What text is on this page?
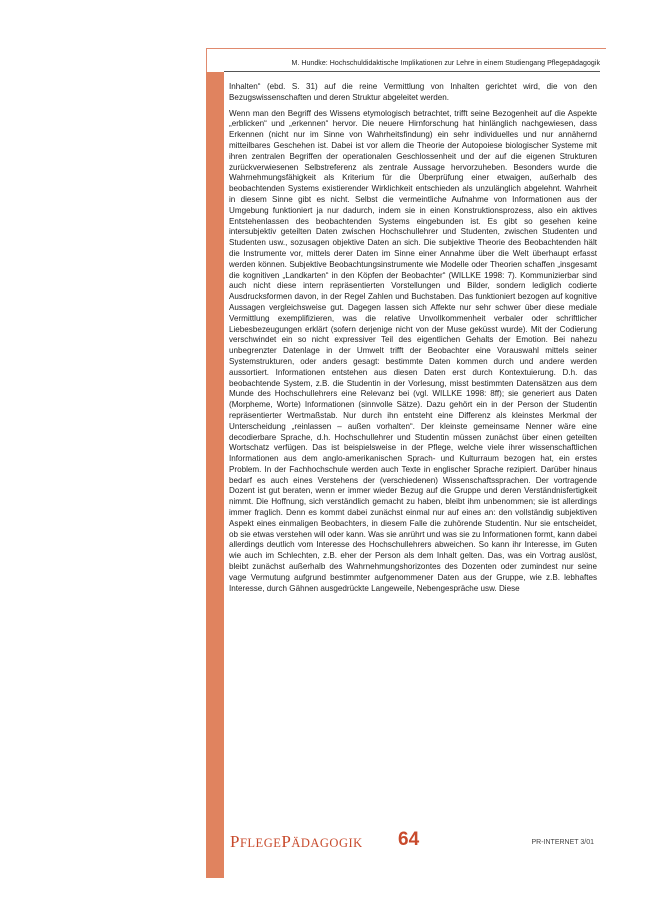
M. Hundke: Hochschuldidaktische Implikationen zur Lehre in einem Studiengang Pflegepädagogik

Inhalten“ (ebd. S. 31) auf die reine Vermittlung von Inhalten gerichtet wird, die von den Bezugswissenschaften und deren Struktur abgeleitet werden.

Wenn man den Begriff des Wissens etymologisch betrachtet, trifft seine Bezogenheit auf die Aspekte „erblicken“ und „erkennen“ hervor. Die neuere Hirnforschung hat hinlänglich nachgewiesen, dass Erkennen (nicht nur im Sinne von Wahrheitsfindung) ein sehr individuelles und nur annähernd mitteilbares Geschehen ist. Dabei ist vor allem die Theorie der Autopoiese biologischer Systeme mit ihren zentralen Begriffen der operationalen Geschlossenheit und der auf die eigenen Strukturen zurückverwiesenen Selbstreferenz als zentrale Aussage hervorzuheben. Besonders wurde die Wahrnehmungsfähigkeit als Kriterium für die Überprüfung einer etwaigen, außerhalb des beobachtenden Systems existierender Wirklichkeit entschieden als unzulänglich abgelehnt. Wahrheit in diesem Sinne gibt es nicht. Selbst die vermeintliche Aufnahme von Informationen aus der Umgebung funktioniert ja nur dadurch, indem sie in einen Konstruktionsprozess, also ein aktives Entstehenlassen des beobachtenden Systems eingebunden ist. Es gibt so gesehen keine intersubjektiv geteilten Daten zwischen Hochschullehrer und Studenten, zwischen Studenten und Studenten usw., sozusagen objektive Daten an sich. Die subjektive Theorie des Beobachtenden hält die Instrumente vor, mittels derer Daten im Sinne einer Annahme über die Welt überhaupt erfasst werden können. Subjektive Beobachtungsinstrumente wie Modelle oder Theorien schaffen „insgesamt die kognitiven „Landkarten“ in den Köpfen der Beobachter“ (WILLKE 1998: 7). Kommunizierbar sind auch nicht diese intern repräsentierten Vorstellungen und Bilder, sondern lediglich codierte Ausdrucksformen davon, in der Regel Zahlen und Buchstaben. Das funktioniert bezogen auf kognitive Aussagen vergleichsweise gut. Dagegen lassen sich Affekte nur sehr schwer über diese mediale Vermittlung exemplifizieren, was die relative Unvollkommenheit verbaler oder schriftlicher Liebesbezeugungen erklärt (sofern derjenige nicht von der Muse geküsst wurde). Mit der Codierung verschwindet ein so nicht expressiver Teil des eigentlichen Gehalts der Emotion. Bei nahezu unbegrenzter Datenlage in der Umwelt trifft der Beobachter eine Vorauswahl mittels seiner Systemstrukturen, oder anders gesagt: bestimmte Daten kommen durch und andere werden aussortiert. Informationen entstehen aus diesen Daten erst durch Kontextuierung. D.h. das beobachtende System, z.B. die Studentin in der Vorlesung, misst bestimmten Datensätzen aus dem Munde des Hochschullehrers eine Relevanz bei (vgl. WILLKE 1998: 8ff); sie generiert aus Daten (Morpheme, Worte) Informationen (sinnvolle Sätze). Dazu gehört ein in der Person der Studentin repräsentierter Wertmaßstab. Nur durch ihn entsteht eine Differenz als kleinstes Merkmal der Unterscheidung „reinlassen – außen vorhalten“. Der kleinste gemeinsame Nenner wäre eine decodierbare Sprache, d.h. Hochschullehrer und Studentin müssen zunächst über einen geteilten Wortschatz verfügen. Das ist beispielsweise in der Pflege, welche viele ihrer wissenschaftlichen Informationen aus dem anglo-amerikanischen Sprach- und Kulturraum bezogen hat, ein erstes Problem. In der Fachhochschule werden auch Texte in englischer Sprache rezipiert. Darüber hinaus bedarf es auch eines Verstehens der (verschiedenen) Wissenschaftssprachen. Der vortragende Dozent ist gut beraten, wenn er immer wieder Bezug auf die Gruppe und deren Verständnisfertigkeit nimmt. Die Hoffnung, sich verständlich gemacht zu haben, bleibt ihm unbenommen; sie ist allerdings immer fraglich. Denn es kommt dabei zunächst einmal nur auf eines an: den vollständig subjektiven Aspekt eines einmaligen Beobachters, in diesem Falle die zuhörende Studentin. Nur sie entscheidet, ob sie etwas verstehen will oder kann. Was sie anrührt und was sie zu Informationen formt, kann dabei allerdings deutlich vom Interesse des Hochschullehrers abweichen. So kann ihr Interesse, im Guten wie auch im Schlechten, z.B. eher der Person als dem Inhalt gelten. Das, was ein Vortrag auslöst, bleibt zunächst außerhalb des Wahrnehmungshorizontes des Dozenten oder zumindest nur seine vage Vermutung aufgrund bestimmter aufgenommener Daten aus der Gruppe, wie z.B. lebhaftes Interesse, durch Gähnen ausgedrückte Langeweile, Nebengespräche usw. Diese

PFLEGEPÄDAGOGIK 64	PR-INTERNET 3/01
